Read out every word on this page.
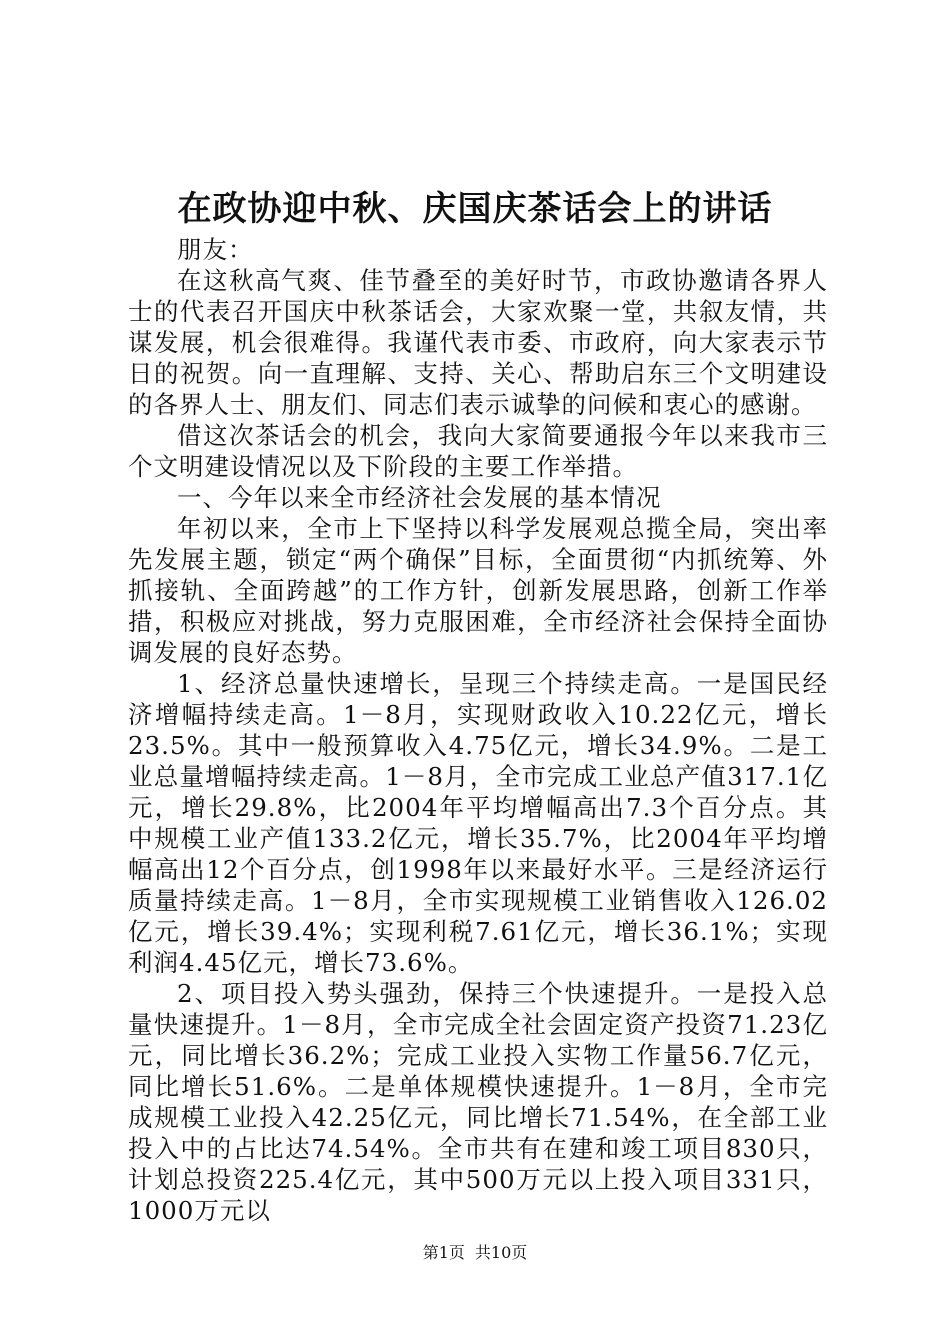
在政协迎中秋、庆国庆茶话会上的讲话

朋友：

在这秋高气爽、佳节叠至的美好时节，市政协邀请各界人士的代表召开国庆中秋茶话会，大家欢聚一堂，共叙友情，共谋发展，机会很难得。我谨代表市委、市政府，向大家表示节日的祝贺。向一直理解、支持、关心、帮助启东三个文明建设的各界人士、朋友们、同志们表示诚挚的问候和衷心的感谢。

借这次茶话会的机会，我向大家简要通报今年以来我市三个文明建设情况以及下阶段的主要工作举措。

一、今年以来全市经济社会发展的基本情况

年初以来，全市上下坚持以科学发展观总揽全局，突出率先发展主题，锁定“两个确保”目标，全面贯彻“内抓统筹、外抓接轨、全面跨越”的工作方针，创新发展思路，创新工作举措，积极应对挑战，努力克服困难，全市经济社会保持全面协调发展的良好态势。

1、经济总量快速增长，呈现三个持续走高。一是国民经济增幅持续走高。1－8月，实现财政收入10.22亿元，增长23.5%。其中一般预算收入4.75亿元，增长34.9%。二是工业总量增幅持续走高。1－8月，全市完成工业总产值317.1亿元，增长29.8%，比2004年平均增幅高出7.3个百分点。其中规模工业产值133.2亿元，增长35.7%，比2004年平均增幅高出12个百分点，创1998年以来最好水平。三是经济运行质量持续走高。1－8月，全市实现规模工业销售收入126.02亿元，增长39.4%；实现利税7.61亿元，增长36.1%；实现利润4.45亿元，增长73.6%。

2、项目投入势头强劲，保持三个快速提升。一是投入总量快速提升。1－8月，全市完成全社会固定资产投资71.23亿元，同比增长36.2%；完成工业投入实物工作量56.7亿元，同比增长51.6%。二是单体规模快速提升。1－8月，全市完成规模工业投入42.25亿元，同比增长71.54%，在全部工业投入中的占比达74.54%。全市共有在建和竣工项目830只，计划总投资225.4亿元，其中500万元以上投入项目331只，1000万元以

第1页 共10页
